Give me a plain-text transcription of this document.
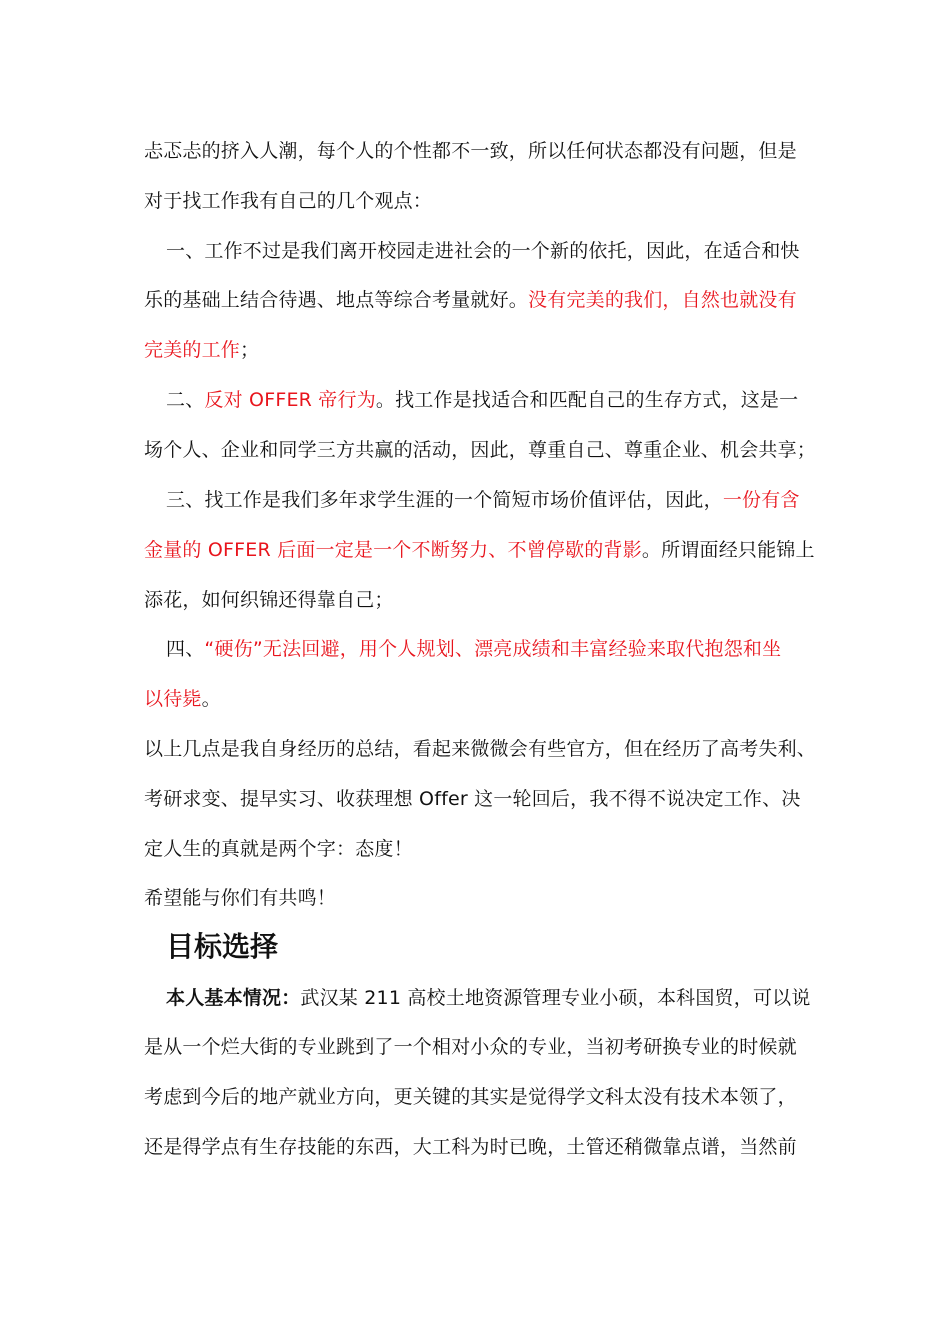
忐忑忐的挤入人潮，每个人的个性都不一致，所以任何状态都没有问题，但是
对于找工作我有自己的几个观点：
一、工作不过是我们离开校园走进社会的一个新的依托，因此，在适合和快
乐的基础上结合待遇、地点等综合考量就好。没有完美的我们，自然也就没有
完美的工作；
二、反对 OFFER 帝行为。找工作是找适合和匹配自己的生存方式，这是一
场个人、企业和同学三方共赢的活动，因此，尊重自己、尊重企业、机会共享；
三、找工作是我们多年求学生涯的一个简短市场价值评估，因此，一份有含
金量的 OFFER 后面一定是一个不断努力、不曾停歇的背影。所谓面经只能锦上
添花，如何织锦还得靠自己；
四、“硬伤”无法回避，用个人规划、漂亮成绩和丰富经验来取代抱怨和坐
以待毙。
以上几点是我自身经历的总结，看起来微微会有些官方，但在经历了高考失利、
考研求变、提早实习、收获理想 Offer 这一轮回后，我不得不说决定工作、决
定人生的真就是两个字：态度！
希望能与你们有共鸣！
目标选择
本人基本情况：武汉某 211 高校土地资源管理专业小硕，本科国贸，可以说
是从一个烂大街的专业跳到了一个相对小众的专业，当初考研换专业的时候就
考虑到今后的地产就业方向，更关键的其实是觉得学文科太没有技术本领了，
还是得学点有生存技能的东西，大工科为时已晚，土管还稍微靠点谱，当然前
